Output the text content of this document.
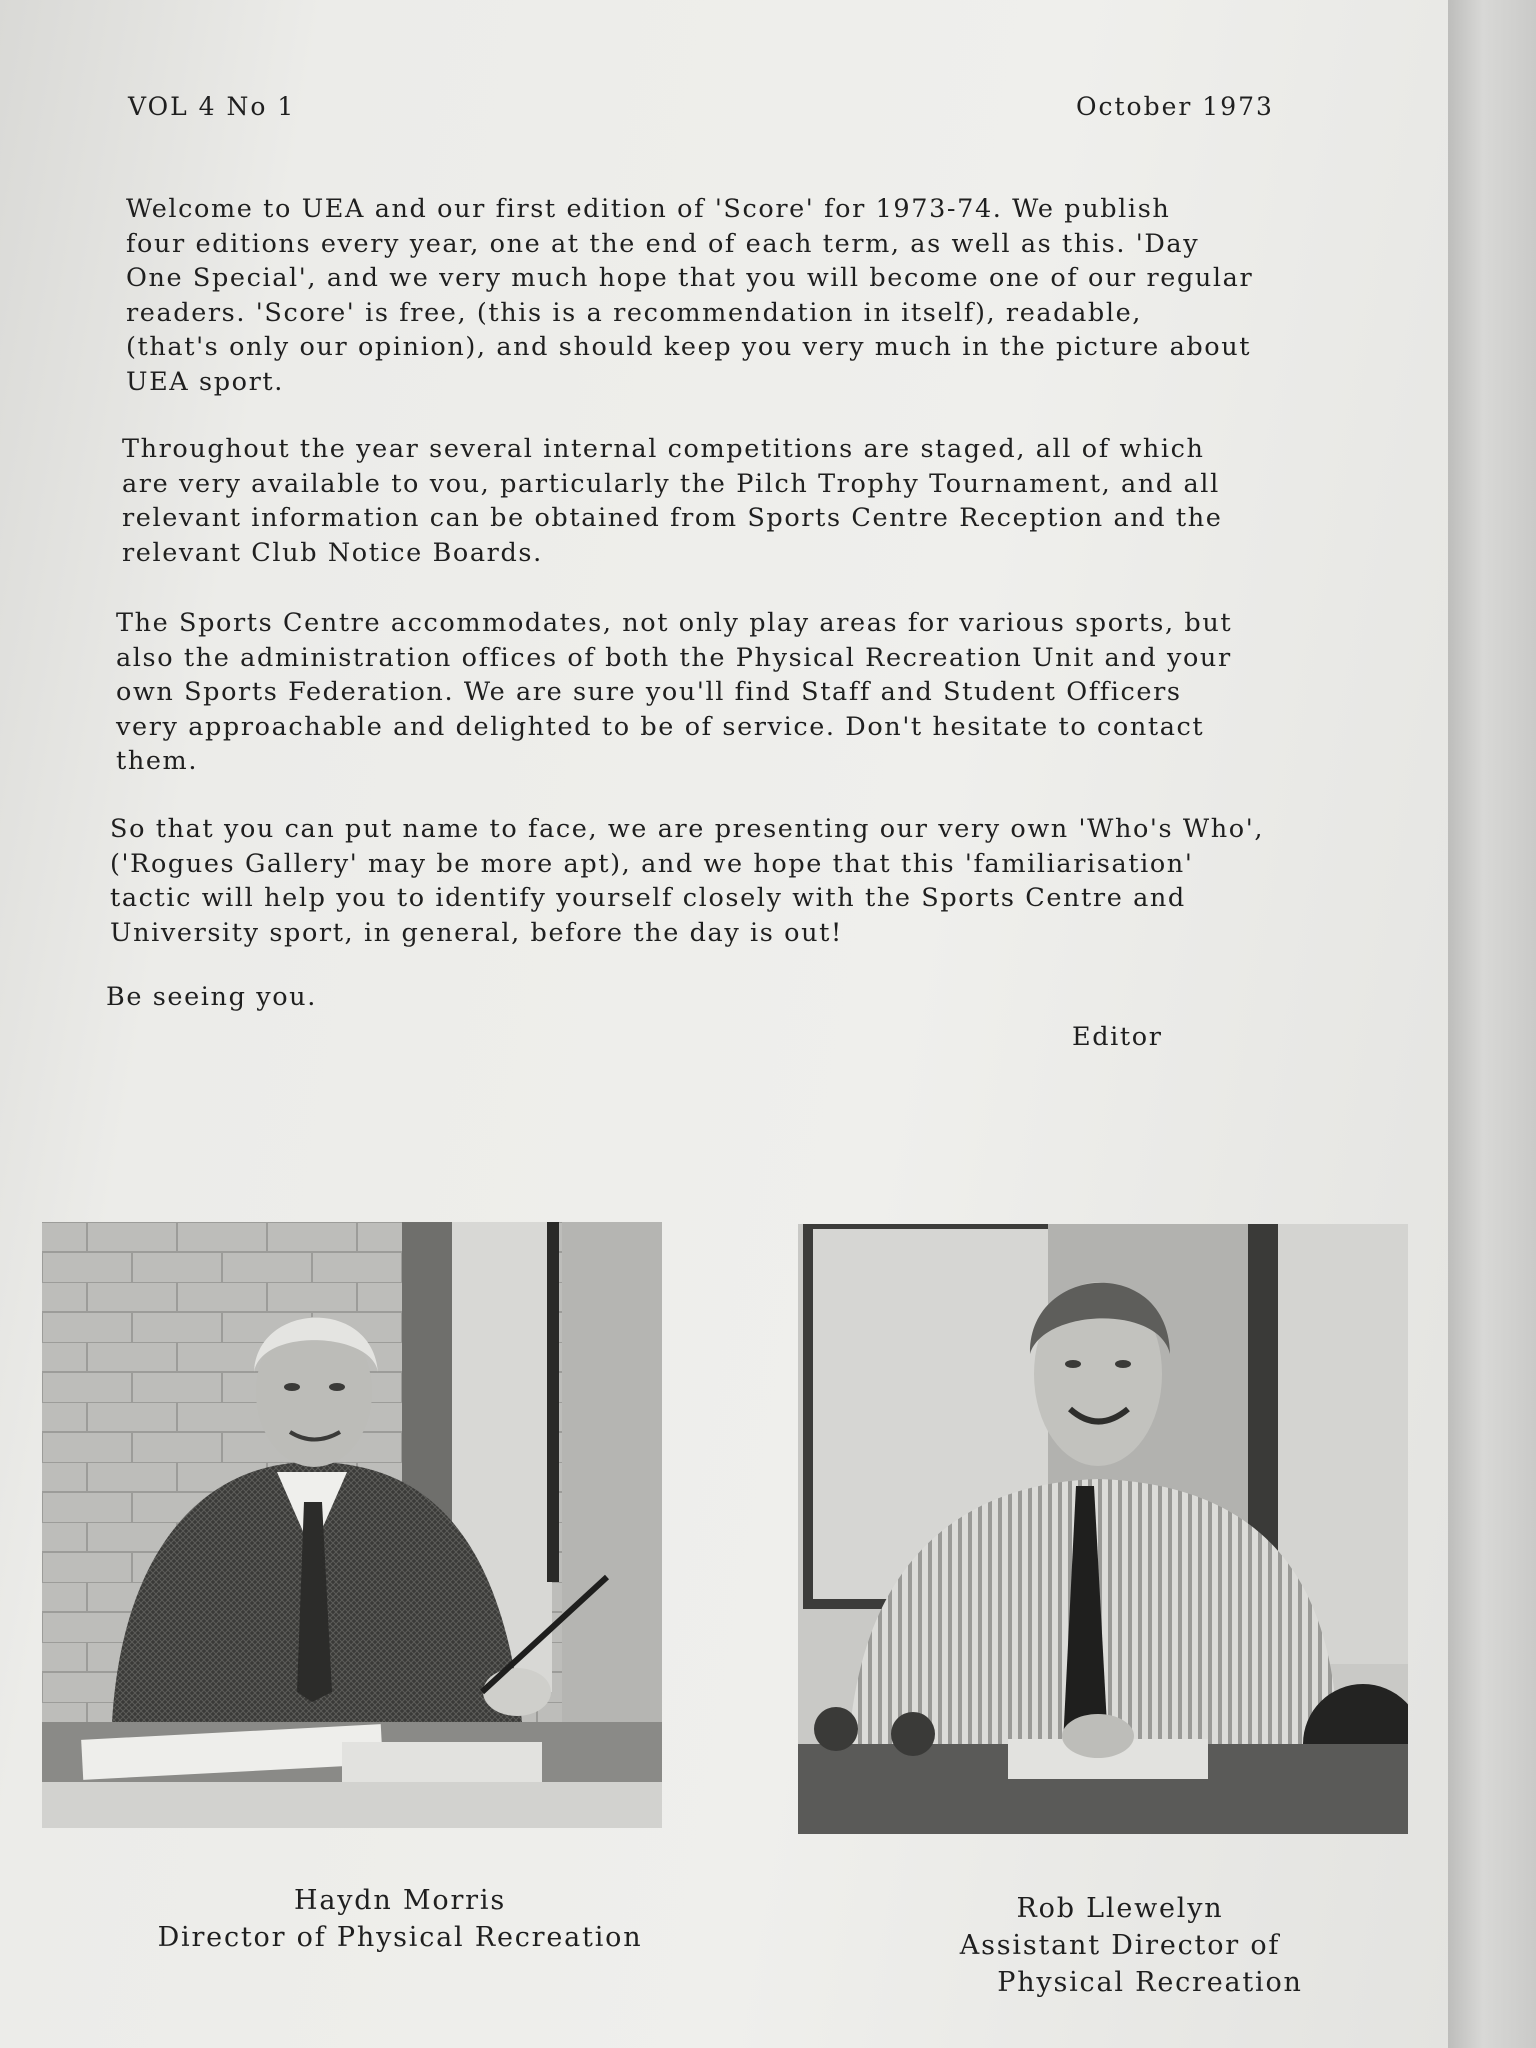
VOL 4 No 1	October 1973

Welcome to UEA and our first edition of 'Score' for 1973-74. We publish
four editions every year, one at the end of each term, as well as this. 'Day
One Special', and we very much hope that you will become one of our regular
readers. 'Score' is free, (this is a recommendation in itself), readable,
(that's only our opinion), and should keep you very much in the picture about
UEA sport.

Throughout the year several internal competitions are staged, all of which
are very available to vou, particularly the Pilch Trophy Tournament, and all
relevant information can be obtained from Sports Centre Reception and the
relevant Club Notice Boards.

The Sports Centre accommodates, not only play areas for various sports, but
also the administration offices of both the Physical Recreation Unit and your
own Sports Federation. We are sure you'll find Staff and Student Officers
very approachable and delighted to be of service. Don't hesitate to contact
them.

So that you can put name to face, we are presenting our very own 'Who's Who',
('Rogues Gallery' may be more apt), and we hope that this 'familiarisation'
tactic will help you to identify yourself closely with the Sports Centre and
University sport, in general, before the day is out!

Be seeing you.
Editor
Haydn Morris
Director of Physical Recreation
Rob Llewelyn
Assistant Director of
Physical Recreation
